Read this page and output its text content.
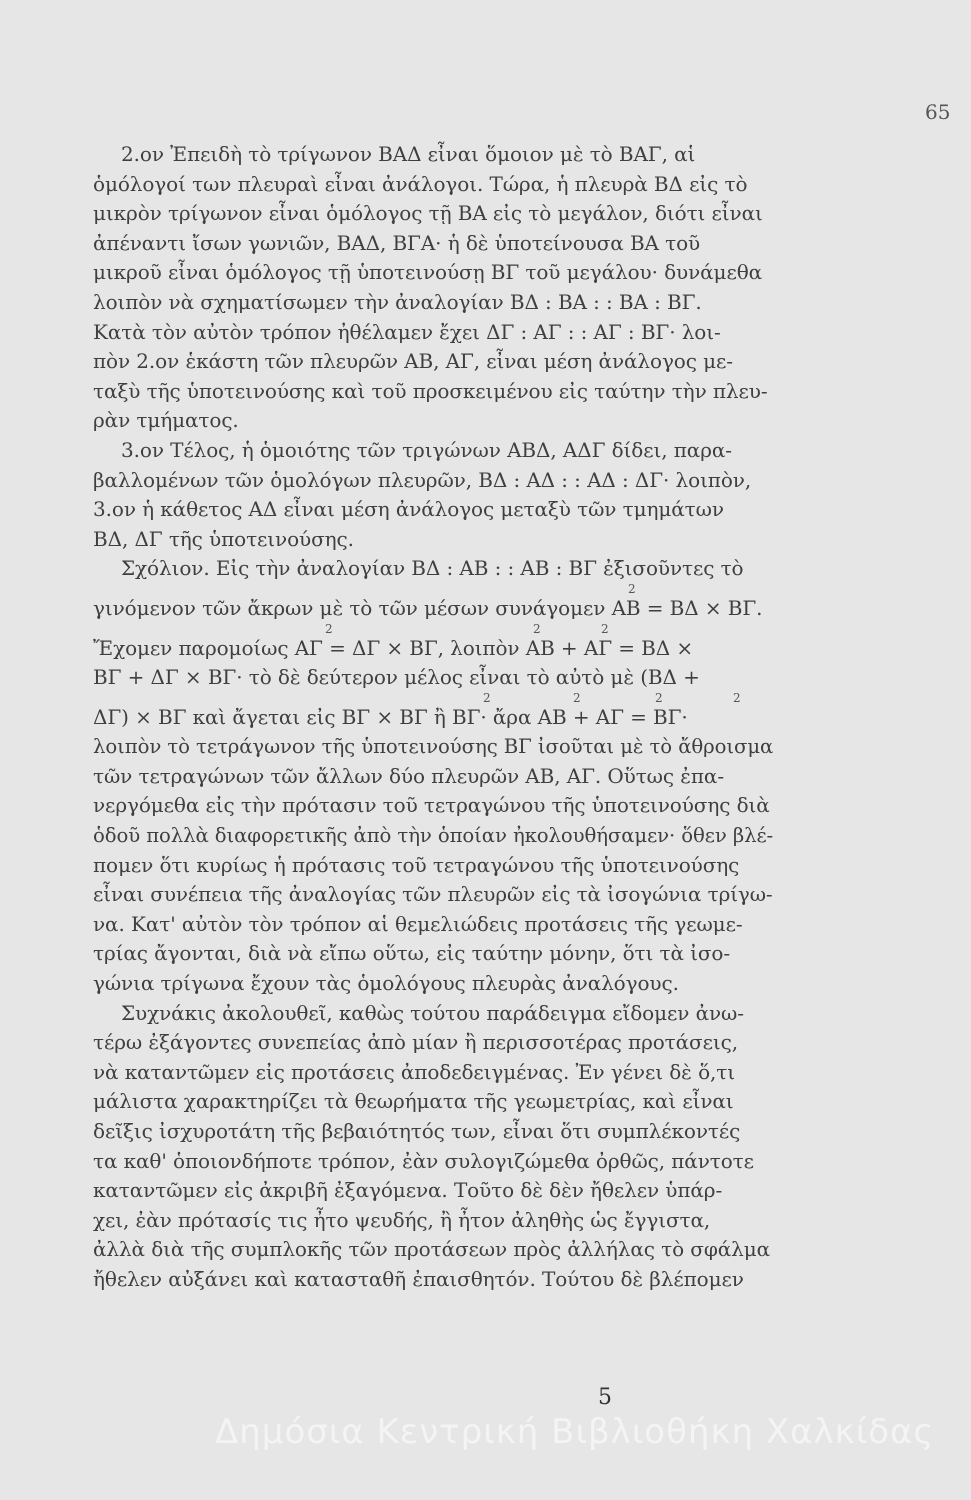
65
2.ον Ἐπειδὴ τὸ τρίγωνον ΒΑΔ εἶναι ὅμοιον μὲ τὸ ΒΑΓ, αἱ
ὁμόλογοί των πλευραὶ εἶναι ἀνάλογοι. Τώρα, ἡ πλευρὰ ΒΔ εἰς τὸ
μικρὸν τρίγωνον εἶναι ὁμόλογος τῇ ΒΑ εἰς τὸ μεγάλον, διότι εἶναι
ἀπέναντι ἴσων γωνιῶν, ΒΑΔ, ΒΓΑ· ἡ δὲ ὑποτείνουσα ΒΑ τοῦ
μικροῦ εἶναι ὁμόλογος τῇ ὑποτεινούσῃ ΒΓ τοῦ μεγάλου· δυνάμεθα
λοιπὸν νὰ σχηματίσωμεν τὴν ἀναλογίαν ΒΔ : ΒΑ : : ΒΑ : ΒΓ.
Κατὰ τὸν αὐτὸν τρόπον ἠθέλαμεν ἔχει ΔΓ : ΑΓ : : ΑΓ : ΒΓ· λοι-
πὸν 2.ον ἑκάστη τῶν πλευρῶν ΑΒ, ΑΓ, εἶναι μέση ἀνάλογος με-
ταξὺ τῆς ὑποτεινούσης καὶ τοῦ προσκειμένου εἰς ταύτην τὴν πλευ-
ρὰν τμήματος.
3.ον Τέλος, ἡ ὁμοιότης τῶν τριγώνων ΑΒΔ, ΑΔΓ δίδει, παρα-
βαλλομένων τῶν ὁμολόγων πλευρῶν, ΒΔ : ΑΔ : : ΑΔ : ΔΓ· λοιπὸν,
3.ον ἡ κάθετος ΑΔ εἶναι μέση ἀνάλογος μεταξὺ τῶν τμημάτων
ΒΔ, ΔΓ τῆς ὑποτεινούσης.
Σχόλιον. Εἰς τὴν ἀναλογίαν ΒΔ : ΑΒ : : ΑΒ : ΒΓ ἐξισοῦντες τὸ
2
γινόμενον τῶν ἄκρων μὲ τὸ τῶν μέσων συνάγομεν ΑΒ = ΒΔ × ΒΓ.
2	2	2
Ἔχομεν παρομοίως ΑΓ = ΔΓ × ΒΓ, λοιπὸν ΑΒ + ΑΓ = ΒΔ ×
ΒΓ + ΔΓ × ΒΓ· τὸ δὲ δεύτερον μέλος εἶναι τὸ αὐτὸ μὲ (ΒΔ +
2	2	2	2
ΔΓ) × ΒΓ καὶ ἄγεται εἰς ΒΓ × ΒΓ ἢ ΒΓ· ἄρα ΑΒ + ΑΓ = ΒΓ·
λοιπὸν τὸ τετράγωνον τῆς ὑποτεινούσης ΒΓ ἰσοῦται μὲ τὸ ἄθροισμα
τῶν τετραγώνων τῶν ἄλλων δύο πλευρῶν ΑΒ, ΑΓ. Οὕτως ἐπα-
νεργόμεθα εἰς τὴν πρότασιν τοῦ τετραγώνου τῆς ὑποτεινούσης διὰ
ὁδοῦ πολλὰ διαφορετικῆς ἀπὸ τὴν ὁποίαν ἠκολουθήσαμεν· ὅθεν βλέ-
πομεν ὅτι κυρίως ἡ πρότασις τοῦ τετραγώνου τῆς ὑποτεινούσης
εἶναι συνέπεια τῆς ἀναλογίας τῶν πλευρῶν εἰς τὰ ἰσογώνια τρίγω-
να. Κατ' αὐτὸν τὸν τρόπον αἱ θεμελιώδεις προτάσεις τῆς γεωμε-
τρίας ἄγονται, διὰ νὰ εἴπω οὕτω, εἰς ταύτην μόνην, ὅτι τὰ ἰσο-
γώνια τρίγωνα ἔχουν τὰς ὁμολόγους πλευρὰς ἀναλόγους.
Συχνάκις ἀκολουθεῖ, καθὼς τούτου παράδειγμα εἴδομεν ἀνω-
τέρω ἐξάγοντες συνεπείας ἀπὸ μίαν ἢ περισσοτέρας προτάσεις,
νὰ καταντῶμεν εἰς προτάσεις ἀποδεδειγμένας. Ἐν γένει δὲ ὅ,τι
μάλιστα χαρακτηρίζει τὰ θεωρήματα τῆς γεωμετρίας, καὶ εἶναι
δεῖξις ἰσχυροτάτη τῆς βεβαιότητός των, εἶναι ὅτι συμπλέκοντές
τα καθ' ὁποιονδήποτε τρόπον, ἐὰν συλογιζώμεθα ὀρθῶς, πάντοτε
καταντῶμεν εἰς ἀκριβῆ ἐξαγόμενα. Τοῦτο δὲ δὲν ἤθελεν ὑπάρ-
χει, ἐὰν πρότασίς τις ἦτο ψευδής, ἢ ἦτον ἀληθὴς ὡς ἔγγιστα,
ἀλλὰ διὰ τῆς συμπλοκῆς τῶν προτάσεων πρὸς ἀλλήλας τὸ σφάλμα
ἤθελεν αὐξάνει καὶ κατασταθῆ ἐπαισθητόν. Τούτου δὲ βλέπομεν
5
Δημόσια Κεντρική Βιβλιοθήκη Χαλκίδας
